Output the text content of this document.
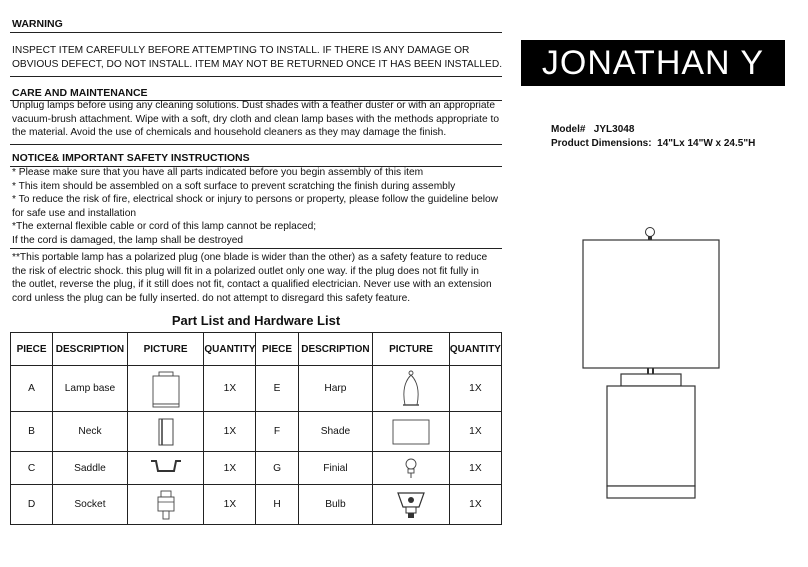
WARNING
INSPECT ITEM CAREFULLY BEFORE ATTEMPTING TO INSTALL. IF THERE IS ANY DAMAGE OR
OBVIOUS DEFECT, DO NOT INSTALL. ITEM MAY NOT BE RETURNED ONCE IT HAS BEEN INSTALLED.
CARE AND MAINTENANCE
Unplug lamps before using any cleaning solutions. Dust shades with a feather duster or with an appropriate
vacuum-brush attachment. Wipe with a soft, dry cloth and clean lamp bases with the methods appropriate to
the material. Avoid the use of chemicals and household cleaners as they may damage the finish.
NOTICE& IMPORTANT SAFETY INSTRUCTIONS
* Please make sure that you have all parts indicated before you begin assembly of this item
* This item should be assembled on a soft surface to prevent scratching the finish during assembly
* To reduce the risk of fire, electrical shock or injury to persons or property, please follow the guideline below
for safe use and installation
*The external flexible cable or cord of this lamp cannot be replaced;
If the cord is damaged, the lamp shall be destroyed
**This portable lamp has a polarized plug (one blade is wider than the other) as a safety feature to reduce
the risk of electric shock. this plug will fit in a polarized outlet only one way. if the plug does not fit fully in
the outlet, reverse the plug, if it still does not fit, contact a qualified electrician. Never use with an extension
cord unless the plug can be fully inserted. do not attempt to disregard this safety feature.
JONATHAN Y
Model# JYL3048
Product Dimensions: 14"Lx 14"W x 24.5"H
Part List and Hardware List
PIECE	DESCRIPTION	PICTURE	QUANTITY	PIECE	DESCRIPTION	PICTURE	QUANTITY
A	Lamp base		1X	E	Harp		1X
B	Neck		1X	F	Shade		1X
C	Saddle		1X	G	Finial		1X
D	Socket		1X	H	Bulb		1X
